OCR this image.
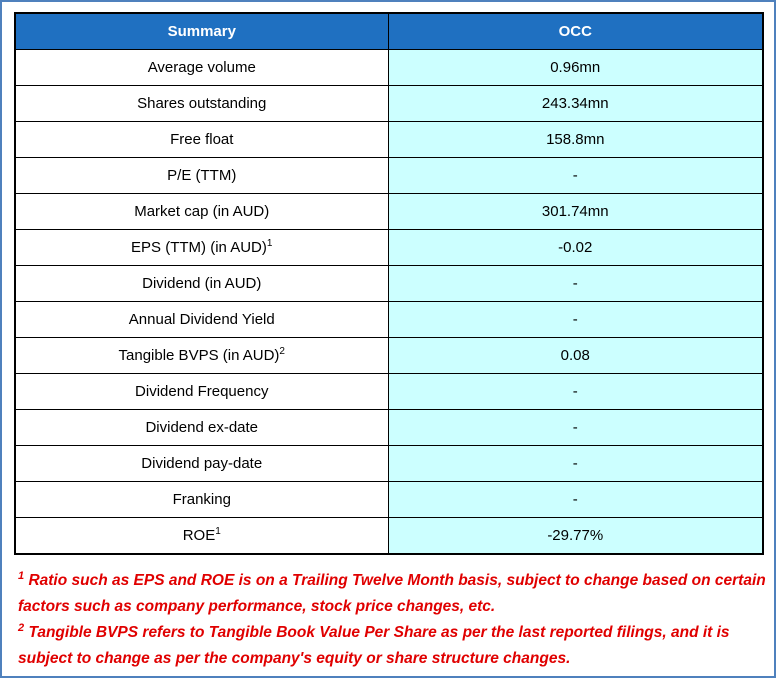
Summary	OCC
Average volume	0.96mn
Shares outstanding	243.34mn
Free float	158.8mn
P/E (TTM)	-
Market cap (in AUD)	301.74mn
EPS (TTM) (in AUD)$^1$	-0.02
Dividend (in AUD)	-
Annual Dividend Yield	-
Tangible BVPS (in AUD)$^2$	0.08
Dividend Frequency	-
Dividend ex-date	-
Dividend pay-date	-
Franking	-
ROE$^1$	-29.77%

$^1$ Ratio such as EPS and ROE is on a Trailing Twelve Month basis, subject to change based on certain factors such as company performance, stock price changes, etc.

$^2$ Tangible BVPS refers to Tangible Book Value Per Share as per the last reported filings, and it is subject to change as per the company's equity or share structure changes.
